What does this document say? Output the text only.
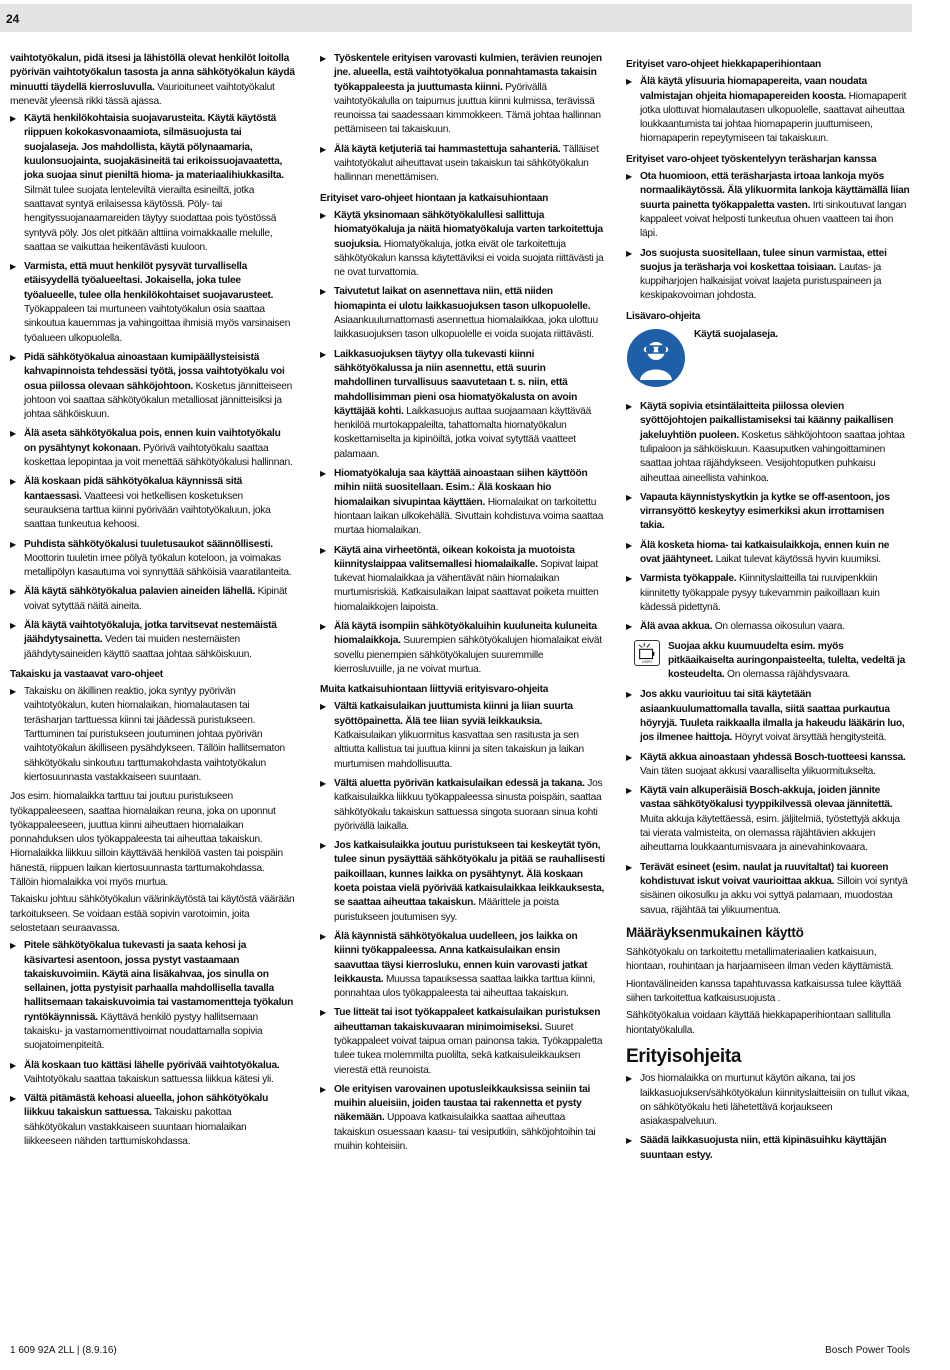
24
vaihtotyökalun, pidä itsesi ja lähistöllä olevat henkilöt loitolla pyörivän vaihtotyökalun tasosta ja anna sähkötyökalun käydä minuutti täydellä kierrosluvulla. Vaurioituneet vaihtotyökalut menevät yleensä rikki tässä ajassa.
▶ Käytä henkilökohtaisia suojavarusteita. Käytä käytöstä riippuen kokokasvonaamiota, silmäsuojusta tai suojalaseja. Jos mahdollista, käytä pölynaamaria, kuulonsuojainta, suojakäsineitä tai erikoissuojavaatetta, joka suojaa sinut pieniltä hioma- ja materiaalihiukkasilta. Silmät tulee suojata lenteleviltä vierailta esineiltä, jotka saattavat syntyä erilaisessa käytössä. Pöly- tai hengityssuojanaamareiden täytyy suodattaa pois työstössä syntyvä pöly. Jos olet pitkään alttiina voimakkaalle melulle, saattaa se vaikuttaa heikentävästi kuuloon.
▶ Varmista, että muut henkilöt pysyvät turvallisella etäisyydellä työalueeltasi. Jokaisella, joka tulee työalueelle, tulee olla henkilökohtaiset suojavarusteet. Työkappaleen tai murtuneen vaihtotyökalun osia saattaa sinkoutua kauemmas ja vahingoittaa ihmisiä myös varsinaisen työalueen ulkopuolella.
▶ Pidä sähkötyökalua ainoastaan kumipäällysteisistä kahvapinnoista tehdessäsi työtä, jossa vaihtotyökalu voi osua piilossa olevaan sähköjohtoon. Kosketus jännitteiseen johtoon voi saattaa sähkötyökalun metalliosat jännitteisiksi ja johtaa sähköiskuun.
▶ Älä aseta sähkötyökalua pois, ennen kuin vaihtotyökalu on pysähtynyt kokonaan. Pyörivä vaihtotyökalu saattaa koskettaa lepopintaa ja voit menettää sähkötyökalusi hallinnan.
▶ Älä koskaan pidä sähkötyökalua käynnissä sitä kantaessasi. Vaatteesi voi hetkellisen kosketuksen seurauksena tarttua kiinni pyörivään vaihtotyökaluun, joka saattaa tunkeutua kehoosi.
▶ Puhdista sähkötyökalusi tuuletusaukot säännöllisesti. Moottorin tuuletin imee pölyä työkalun koteloon, ja voimakas metallipölyn kasautuma voi synnyttää sähköisiä vaaratilanteita.
▶ Älä käytä sähkötyökalua palavien aineiden lähellä. Kipinät voivat sytyttää näitä aineita.
▶ Älä käytä vaihtotyökaluja, jotka tarvitsevat nestemäistä jäähdytysainetta. Veden tai muiden nestemäisten jäähdytysaineiden käyttö saattaa johtaa sähköiskuun.
Takaisku ja vastaavat varo-ohjeet
▶ Takaisku on äkillinen reaktio, joka syntyy pyörivän vaihtotyökalun, kuten hiomalaikan, hiomalautasen tai teräsharjan tarttuessa kiinni tai jäädessä puristukseen. Tarttuminen tai puristukseen joutuminen johtaa pyörivän vaihtotyökalun äkilliseen pysähdykseen. Tällöin hallitsematon sähkötyökalu sinkoutuu tarttumakohdasta vaihtotyökalun kiertosuunnasta vastakkaiseen suuntaan.
Jos esim. hiomalaikka tarttuu tai joutuu puristukseen työkappaleeseen, saattaa hiomalaikan reuna, joka on uponnut työkappaleeseen, juuttua kiinni aiheuttaen hiomalaikan ponnahduksen ulos työkappaleesta tai aiheuttaa takaiskun. Hiomalaikka liikkuu silloin käyttävää henkilöä vasten tai poispäin hänestä, riippuen laikan kiertosuunnasta tarttumakohdassa. Tällöin hiomalaikka voi myös murtua.
Takaisku johtuu sähkötyökalun väärinkäytöstä tai käytöstä väärään tarkoitukseen. Se voidaan estää sopivin varotoimin, joita selostetaan seuraavassa.
▶ Pitele sähkötyökalua tukevasti ja saata kehosi ja käsivartesi asentoon, jossa pystyt vastaamaan takaiskuvoimiin. Käytä aina lisäkahvaa, jos sinulla on sellainen, jotta pystyisit parhaalla mahdollisella tavalla hallitsemaan takaiskuvoimia tai vastamomentteja työkalun ryntökäynnissä. Käyttävä henkilö pystyy hallitsemaan takaisku- ja vastamomenttivoimat noudattamalla sopivia suojatoimenpiteitä.
▶ Älä koskaan tuo kättäsi lähelle pyörivää vaihtotyökalua. Vaihtotyökalu saattaa takaiskun sattuessa liikkua kätesi yli.
▶ Vältä pitämästä kehoasi alueella, johon sähkötyökalu liikkuu takaiskun sattuessa. Takaisku pakottaa sähkötyökalun vastakkaiseen suuntaan hiomalaikan liikkeeseen nähden tarttumiskohdassa.
▶ Työskentele erityisen varovasti kulmien, terävien reunojen jne. alueella, estä vaihtotyökalua ponnahtamasta takaisin työkappaleesta ja juuttumasta kiinni. Pyörivällä vaihtotyökalulla on taipumus juuttua kiinni kulmissa, terävissä reunoissa tai saadessaan kimmokkeen. Tämä johtaa hallinnan pettämiseen tai takaiskuun.
▶ Älä käytä ketjuteriä tai hammastettuja sahanteriä. Tälläiset vaihtotyökalut aiheuttavat usein takaiskun tai sähkötyökalun hallinnan menettämisen.
Erityiset varo-ohjeet hiontaan ja katkaisuhiontaan
▶ Käytä yksinomaan sähkötyökalullesi sallittuja hiomatyökaluja ja näitä hiomatyökaluja varten tarkoitettuja suojuksia. Hiomatyökaluja, jotka eivät ole tarkoitettuja sähkötyökalun kanssa käytettäviksi ei voida suojata riittävästi ja ne ovat turvattomia.
▶ Taivutetut laikat on asennettava niin, että niiden hiomapinta ei ulotu laikkasuojuksen tason ulkopuolelle. Asiaankuulumattomasti asennettua hiomalaikkaa, joka ulottuu laikkasuojuksen tason ulkopuolelle ei voida suojata riittävästi.
▶ Laikkasuojuksen täytyy olla tukevasti kiinni sähkötyökalussa ja niin asennettu, että suurin mahdollinen turvallisuus saavutetaan t. s. niin, että mahdollisimman pieni osa hiomatyökalusta on avoin käyttäjää kohti. Laikkasuojus auttaa suojaamaan käyttävää henkilöä murtokappaleilta, tahattomalta hiomatyökalun koskettamiselta ja kipinöiltä, jotka voivat sytyttää vaatteet palamaan.
▶ Hiomatyökaluja saa käyttää ainoastaan siihen käyttöön mihin niitä suositellaan. Esim.: Älä koskaan hio hiomalaikan sivupintaa käyttäen. Hiomalaikat on tarkoitettu hiontaan laikan ulkokehällä. Sivuttain kohdistuva voima saattaa murtaa hiomalaikan.
▶ Käytä aina virheetöntä, oikean kokoista ja muotoista kiinnityslaippaa valitsemallesi hiomalaikalle. Sopivat laipat tukevat hiomalaikkaa ja vähentävät näin hiomalaikan murtumisriskiä. Katkaisulaikan laipat saattavat poiketa muitten hiomalaikkojen laipoista.
▶ Älä käytä isompiin sähkötyökaluihin kuuluneita kuluneita hiomalaikkoja. Suurempien sähkötyökalujen hiomalaikat eivät sovellu pienempien sähkötyökalujen suuremmille kierrosluvuille, ja ne voivat murtua.
Muita katkaisuhiontaan liittyviä erityisvaro-ohjeita
▶ Vältä katkaisulaikan juuttumista kiinni ja liian suurta syöttöpainetta. Älä tee liian syviä leikkauksia. Katkaisulaikan ylikuormitus kasvattaa sen rasitusta ja sen alttiutta kallistua tai juuttua kiinni ja siten takaiskun ja laikan murtumisen mahdollisuutta.
▶ Vältä aluetta pyörivän katkaisulaikan edessä ja takana. Jos katkaisulaikka liikkuu työkappaleessa sinusta poispäin, saattaa sähkötyökalu takaiskun sattuessa singota suoraan sinua kohti pyörivällä laikalla.
▶ Jos katkaisulaikka joutuu puristukseen tai keskeytät työn, tulee sinun pysäyttää sähkötyökalu ja pitää se rauhallisesti paikoillaan, kunnes laikka on pysähtynyt. Älä koskaan koeta poistaa vielä pyörivää katkaisulaikkaa leikkauksesta, se saattaa aiheuttaa takaiskun. Määrittele ja poista puristukseen joutumisen syy.
▶ Älä käynnistä sähkötyökalua uudelleen, jos laikka on kiinni työkappaleessa. Anna katkaisulaikan ensin saavuttaa täysi kierrosluku, ennen kuin varovasti jatkat leikkausta. Muussa tapauksessa saattaa laikka tarttua kiinni, ponnahtaa ulos työkappaleesta tai aiheuttaa takaiskun.
▶ Tue litteät tai isot työkappaleet katkaisulaikan puristuksen aiheuttaman takaiskuvaaran minimoimiseksi. Suuret työkappaleet voivat taipua oman painonsa takia. Työkappaletta tulee tukea molemmilta puolilta, sekä katkaisuleikkauksen vierestä että reunoista.
▶ Ole erityisen varovainen upotusleikkauksissa seiniin tai muihin alueisiin, joiden taustaa tai rakennetta et pysty näkemään. Uppoava katkaisulaikka saattaa aiheuttaa takaiskun osuessaan kaasu- tai vesiputkiin, sähköjohtoihin tai muihin kohteisiin.
Erityiset varo-ohjeet hiekkapaperihiontaan
▶ Älä käytä ylisuuria hiomapapereita, vaan noudata valmistajan ohjeita hiomapapereiden koosta. Hiomapaperit jotka ulottuvat hiomalautasen ulkopuolelle, saattavat aiheuttaa loukkaantumista tai johtaa hiomapaperin juuttumiseen, hiomapaperin repeytymiseen tai takaiskuun.
Erityiset varo-ohjeet työskentelyyn teräsharjan kanssa
▶ Ota huomioon, että teräsharjasta irtoaa lankoja myös normaalikäytössä. Älä ylikuormita lankoja käyttämällä liian suurta painetta työkappaletta vasten. Irti sinkoutuvat langan kappaleet voivat helposti tunkeutua ohuen vaatteen tai ihon läpi.
▶ Jos suojusta suositellaan, tulee sinun varmistaa, ettei suojus ja teräsharja voi koskettaa toisiaan. Lautas- ja kuppiharjojen halkaisijat voivat laajeta puristuspaineen ja keskipakovoiman johdosta.
Lisävaro-ohjeita
Käytä suojalaseja.
▶ Käytä sopivia etsintälaitteita piilossa olevien syöttöjohtojen paikallistamiseksi tai käänny paikallisen jakeluyhtiön puoleen. Kosketus sähköjohtoon saattaa johtaa tulipaloon ja sähköiskuun. Kaasuputken vahingoittaminen saattaa johtaa räjähdykseen. Vesijohtoputken puhkaisu aiheuttaa aineellista vahinkoa.
▶ Vapauta käynnistyskytkin ja kytke se off-asentoon, jos virransyöttö keskeytyy esimerkiksi akun irrottamisen takia.
▶ Älä kosketa hioma- tai katkaisulaikkoja, ennen kuin ne ovat jäähtyneet. Laikat tulevat käytössä hyvin kuumiksi.
▶ Varmista työkappale. Kiinnityslaitteilla tai ruuvipenkkiin kiinnitetty työkappale pysyy tukevammin paikoillaan kuin kädessä pidettynä.
▶ Älä avaa akkua. On olemassa oikosulun vaara.
>50°C
Suojaa akku kuumuudelta esim. myös pitkäaikaiselta auringonpaisteelta, tulelta, vedeltä ja kosteudelta. On olemassa räjähdysvaara.
▶ Jos akku vaurioituu tai sitä käytetään asiaankuulumattomalla tavalla, siitä saattaa purkautua höyryjä. Tuuleta raikkaalla ilmalla ja hakeudu lääkärin luo, jos ilmenee haittoja. Höyryt voivat ärsyttää hengitysteitä.
▶ Käytä akkua ainoastaan yhdessä Bosch-tuotteesi kanssa. Vain täten suojaat akkusi vaaralliselta ylikuormitukselta.
▶ Käytä vain alkuperäisiä Bosch-akkuja, joiden jännite vastaa sähkötyökalusi tyyppikilvessä olevaa jännitettä. Muita akkuja käytettäessä, esim. jäljitelmiä, työstettyjä akkuja tai vierata valmisteita, on olemassa räjähtävien akkujen aiheuttama loukkaantumisvaara ja ainevahinkovaara.
▶ Terävät esineet (esim. naulat ja ruuvitaltat) tai kuoreen kohdistuvat iskut voivat vaurioittaa akkua. Silloin voi syntyä sisäinen oikosulku ja akku voi syttyä palamaan, muodostaa savua, räjähtää tai ylikuumentua.
Määräyksenmukainen käyttö
Sähkötyökalu on tarkoitettu metallimateriaalien katkaisuun, hiontaan, rouhintaan ja harjaamiseen ilman veden käyttämistä.
Hiontavälineiden kanssa tapahtuvassa katkaisussa tulee käyttää siihen tarkoitettua katkaisusuojusta .
Sähkötyökalua voidaan käyttää hiekkapaperihiontaan sallitulla hiontatyökalulla.
Erityisohjeita
▶ Jos hiomalaikka on murtunut käytön aikana, tai jos laikkasuojuksen/sähkötyökalun kiinnityslaitteisiin on tullut vikaa, on sähkötyökalu heti lähetettävä korjaukseen asiakaspalveluun.
▶ Säädä laikkasuojusta niin, että kipinäsuihku käyttäjän suuntaan estyy.
1 609 92A 2LL | (8.9.16)	Bosch Power Tools
